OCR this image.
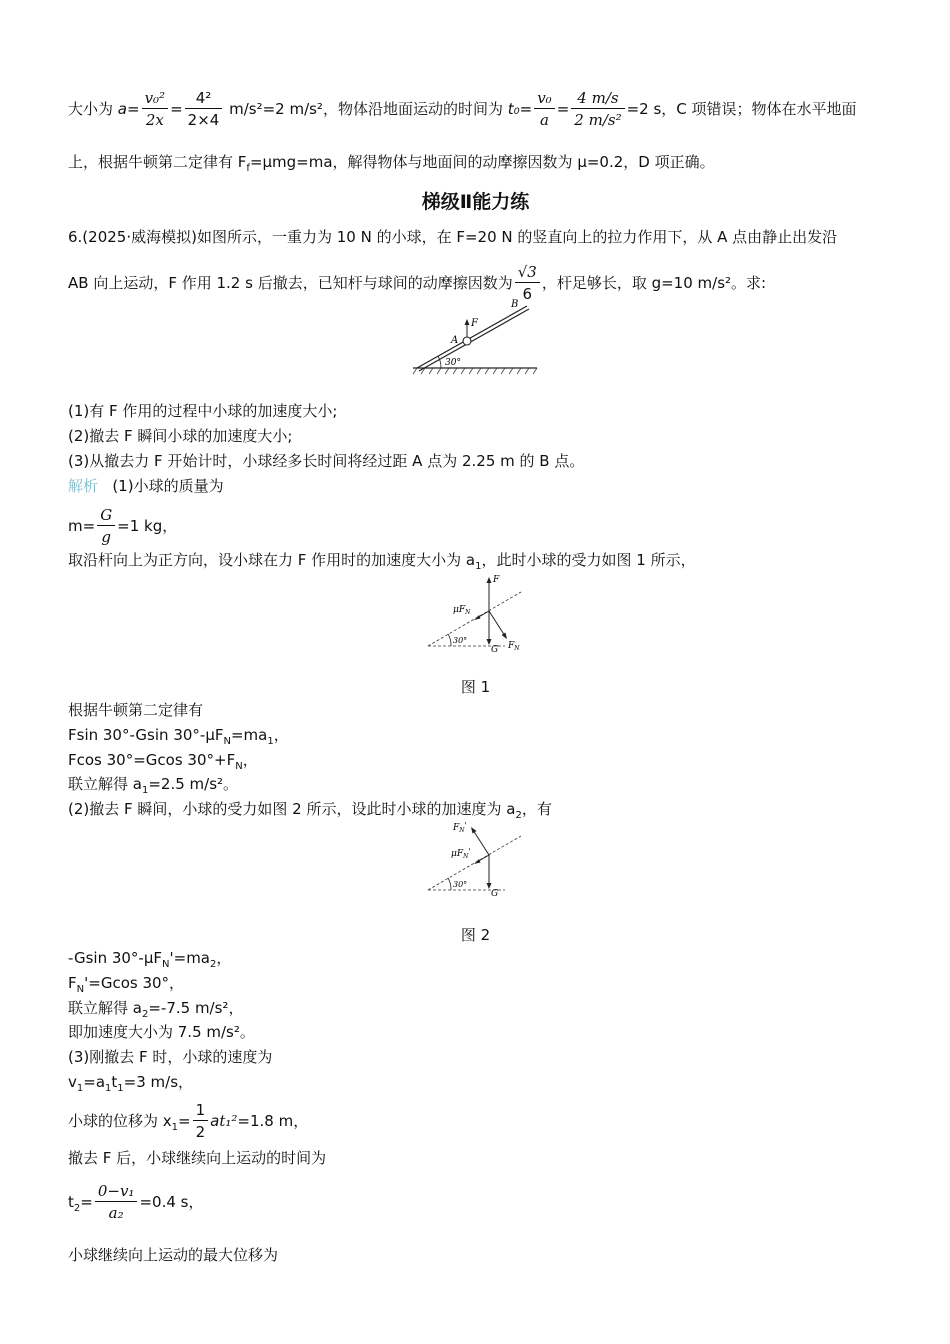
大小为 $a= \frac{\text{v₀²}}{2x} = \frac{\text{4²}}{2\times 4} m/s^2=2$ m/s²，物体沿地面运动的时间为 $t_0= \frac{\text{v₀}}{a} = \frac{4 m/s}{\text{2 m/s²}} =2$ s，C 项错误；物体在水平地面
上，根据牛顿第二定律有 $F_f=\mu mg=ma$，解得物体与地面间的动摩擦因数为 μ=0.2，D 项正确。
梯级Ⅱ能力练
6.(2025·威海模拟)如图所示，一重力为 10 N 的小球，在 F=20 N 的竖直向上的拉力作用下，从 A 点由静止出发沿
AB 向上运动，F 作用 1.2 s 后撤去，已知杆与球间的动摩擦因数为 $\frac{√3}{6}$ ，杆足够长，取 g=10 m/s²。求:
(1)有 F 作用的过程中小球的加速度大小;
(2)撤去 F 瞬间小球的加速度大小;
(3)从撤去力 F 开始计时，小球经多长时间将经过距 A 点为 2.25 m 的 B 点。
解析 (1)小球的质量为
$m= \frac{G}{g} =1$ kg，
取沿杆向上为正方向，设小球在力 F 作用时的加速度大小为 $a_1$，此时小球的受力如图 1 所示，
图 1
根据牛顿第二定律有
Fsin 30°-Gsin $30^\circ-\mu F_N=ma_1$，
Fcos 30°=Gcos $30^\circ+F_N$，
联立解得 $a_1=2.5$ m/s²。
(2)撤去 F 瞬间，小球的受力如图 2 所示，设此时小球的加速度为 $a_2$，有
图 2
-Gsin $30^\circ-\mu F_N'=ma_2$，
$F_N'=Gcos$ 30°，
联立解得 $a_2=-7.5$ m/s²，
即加速度大小为 7.5 m/s²。
(3)刚撤去 F 时，小球的速度为
$v_1=a_1t_1=3$ m/s，
小球的位移为 $x_1= \frac{1}{2} at_1^2=1.8$ m，
撤去 F 后，小球继续向上运动的时间为
$t_2= \frac{\text{0−v₁}}{\text{a₂}} =0.4$ s，
小球继续向上运动的最大位移为
F
A
B
30°
F
G $F_N$
$\mu F_N$
30°
G
$F_N'$
$\mu F_N'$
30°
